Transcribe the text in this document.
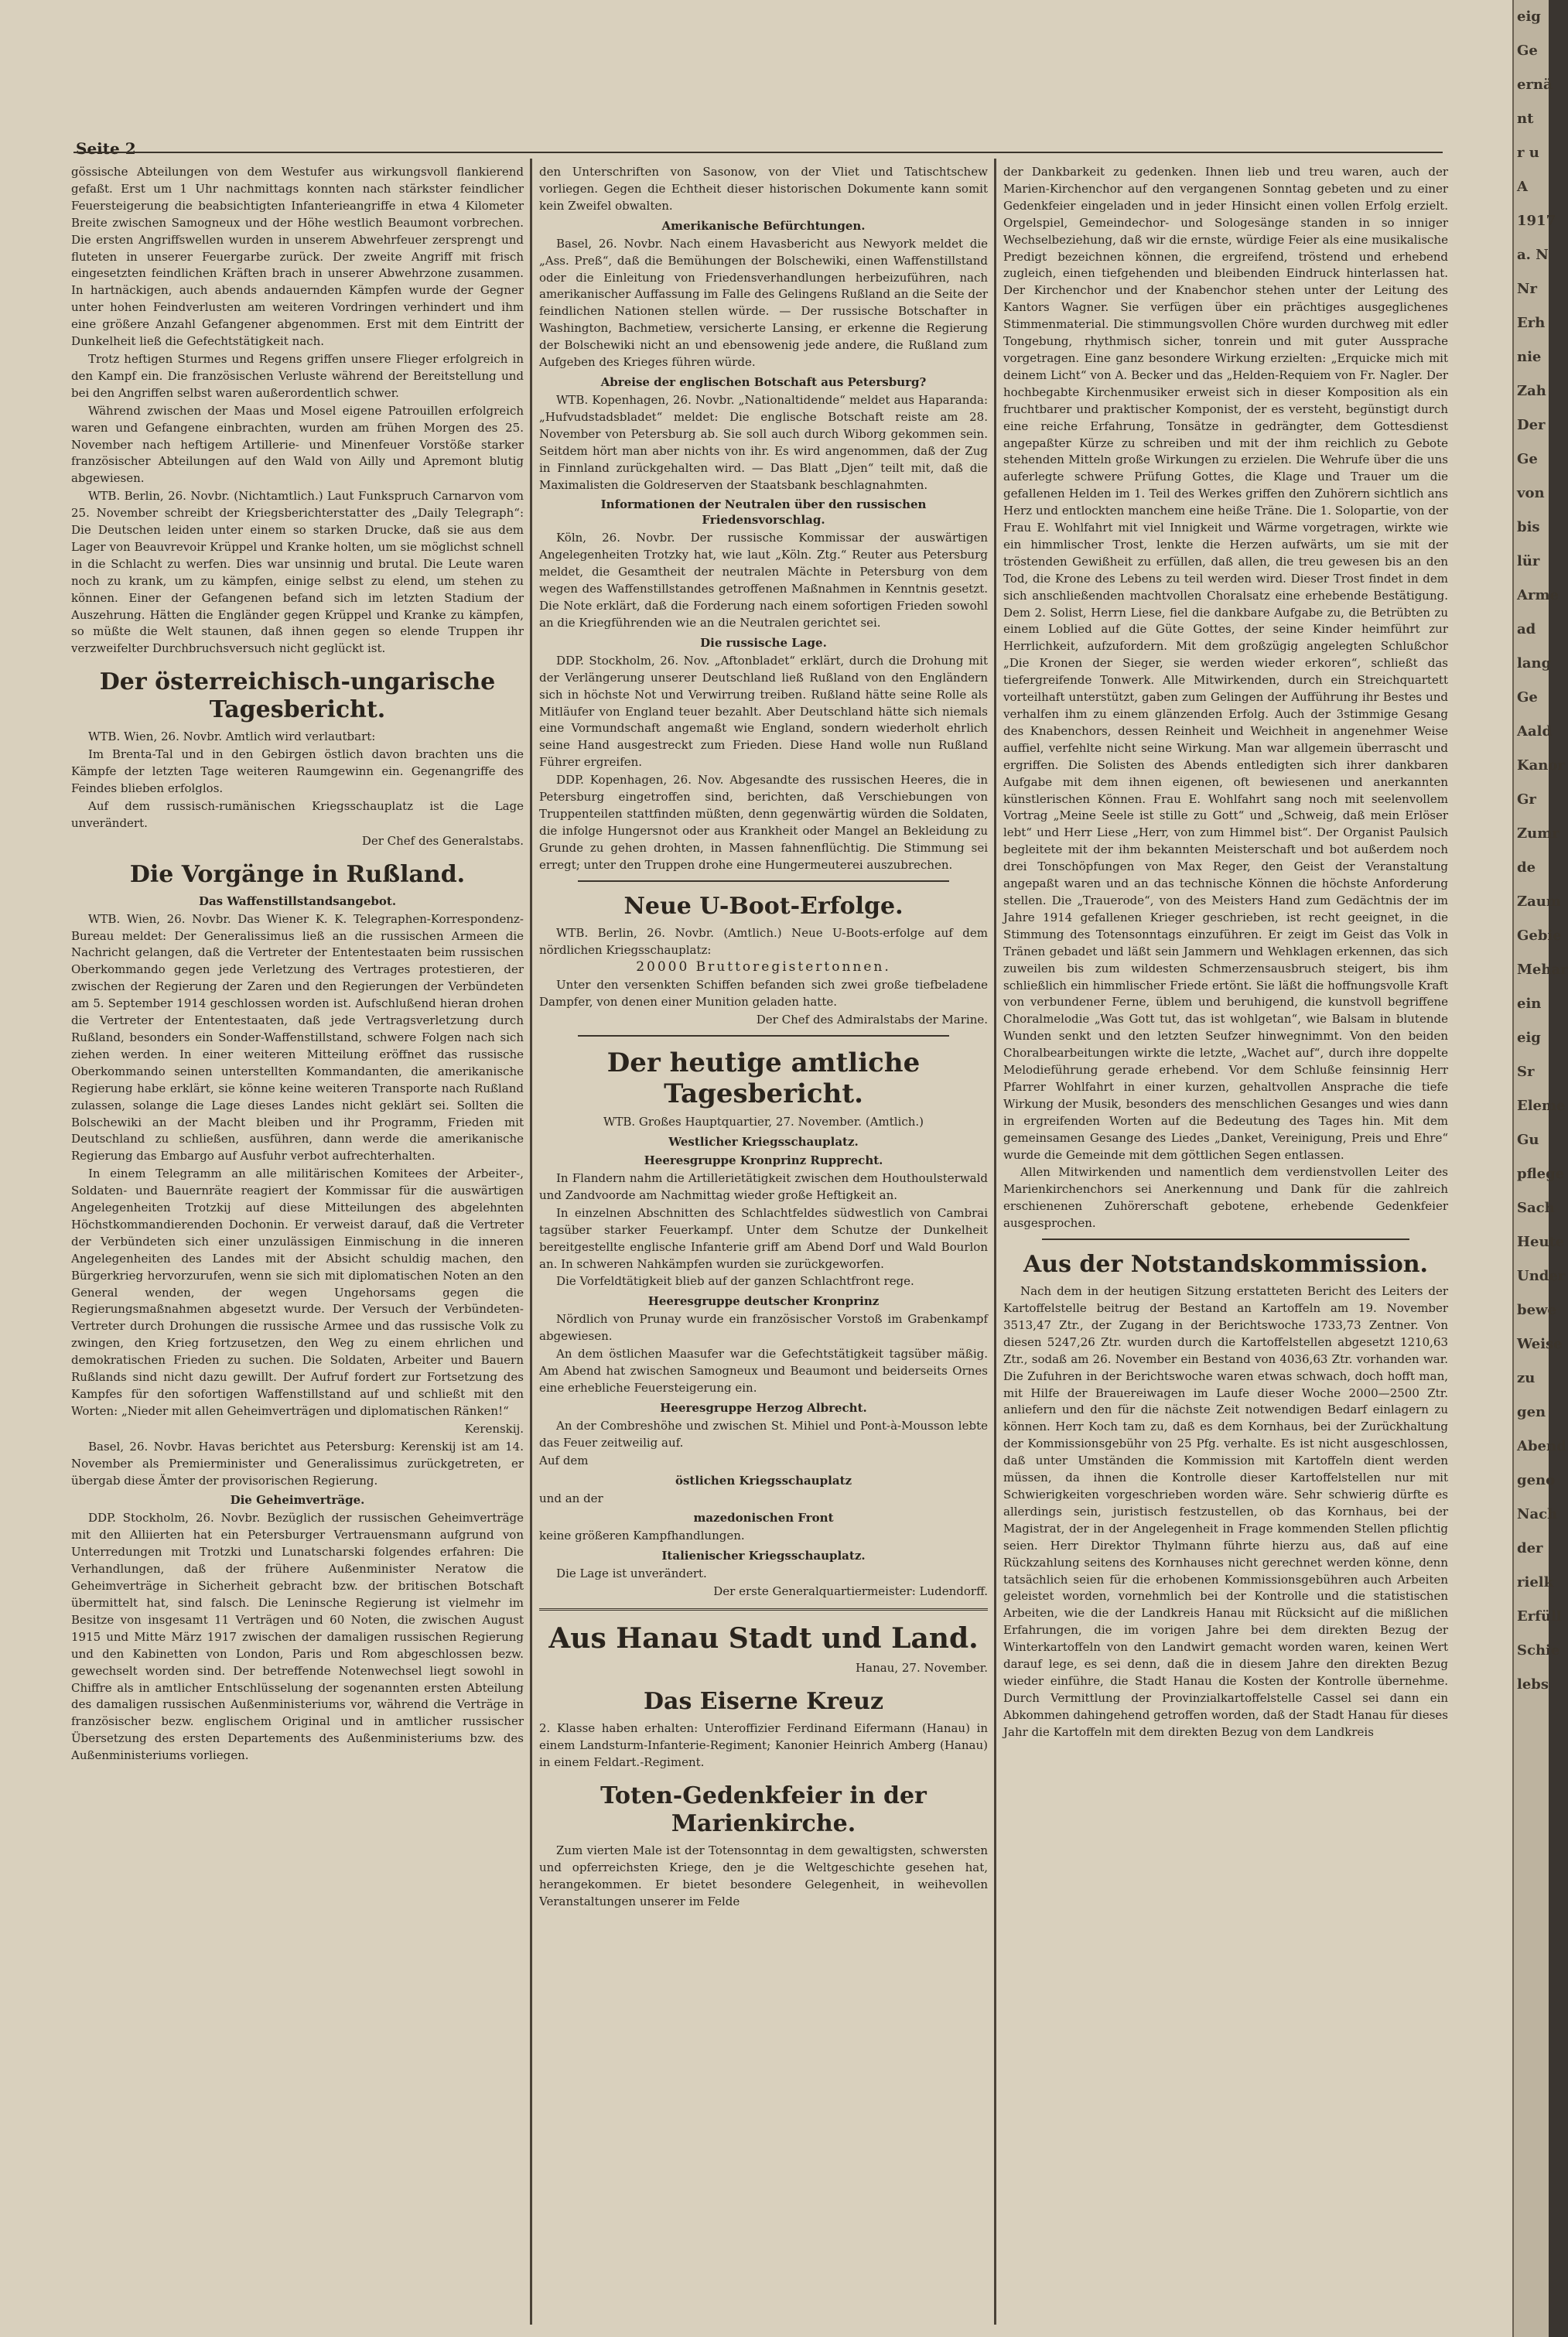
Seite 2

gössische Abteilungen von dem Westufer aus wirkungsvoll flankierend gefaßt. Erst um 1 Uhr nachmittags konnten nach stärkster feindlicher Feuersteigerung die beabsichtigten Infanterieangriffe in etwa 4 Kilometer Breite zwischen Samogneux und der Höhe westlich Beaumont vorbrechen. Die ersten Angriffswellen wurden in unserem Abwehrfeuer zersprengt und fluteten in unserer Feuergarbe zurück. Der zweite Angriff mit frisch eingesetzten feindlichen Kräften brach in unserer Abwehrzone zusammen. In hartnäckigen, auch abends andauernden Kämpfen wurde der Gegner unter hohen Feindverlusten am weiteren Vordringen verhindert und ihm eine größere Anzahl Gefangener abgenommen. Erst mit dem Eintritt der Dunkelheit ließ die Gefechtstätigkeit nach.

Trotz heftigen Sturmes und Regens griffen unsere Flieger erfolgreich in den Kampf ein. Die französischen Verluste während der Bereitstellung und bei den Angriffen selbst waren außerordentlich schwer.

Während zwischen der Maas und Mosel eigene Patrouillen erfolgreich waren und Gefangene einbrachten, wurden am frühen Morgen des 25. November nach heftigem Artillerie- und Minenfeuer Vorstöße starker französischer Abteilungen auf den Wald von Ailly und Apremont blutig abgewiesen.

WTB. Berlin, 26. Novbr. (Nichtamtlich.) Laut Funkspruch Carnarvon vom 25. November schreibt der Kriegsberichterstatter des „Daily Telegraph“: Die Deutschen leiden unter einem so starken Drucke, daß sie aus dem Lager von Beauvrevoir Krüppel und Kranke holten, um sie möglichst schnell in die Schlacht zu werfen. Dies war unsinnig und brutal. Die Leute waren noch zu krank, um zu kämpfen, einige selbst zu elend, um stehen zu können. Einer der Gefangenen befand sich im letzten Stadium der Auszehrung. Hätten die Engländer gegen Krüppel und Kranke zu kämpfen, so müßte die Welt staunen, daß ihnen gegen so elende Truppen ihr verzweifelter Durchbruchsversuch nicht geglückt ist.

Der österreichisch-ungarische Tagesbericht.

WTB. Wien, 26. Novbr. Amtlich wird verlautbart:

Im Brenta-Tal und in den Gebirgen östlich davon brachten uns die Kämpfe der letzten Tage weiteren Raumgewinn ein. Gegenangriffe des Feindes blieben erfolglos.

Auf dem russisch-rumänischen Kriegsschauplatz ist die Lage unverändert.

Der Chef des Generalstabs.

Die Vorgänge in Rußland.
Das Waffenstillstandsangebot.

WTB. Wien, 26. Novbr. Das Wiener K. K. Telegraphen-Korrespondenz-Bureau meldet: Der Generalissimus ließ an die russischen Armeen die Nachricht gelangen, daß die Vertreter der Ententestaaten beim russischen Oberkommando gegen jede Verletzung des Vertrages protestieren, der zwischen der Regierung der Zaren und den Regierungen der Verbündeten am 5. September 1914 geschlossen worden ist. Aufschlußend hieran drohen die Vertreter der Ententestaaten, daß jede Vertragsverletzung durch Rußland, besonders ein Sonder-Waffenstillstand, schwere Folgen nach sich ziehen werden. In einer weiteren Mitteilung eröffnet das russische Oberkommando seinen unterstellten Kommandanten, die amerikanische Regierung habe erklärt, sie könne keine weiteren Transporte nach Rußland zulassen, solange die Lage dieses Landes nicht geklärt sei. Sollten die Bolschewiki an der Macht bleiben und ihr Programm, Frieden mit Deutschland zu schließen, ausführen, dann werde die amerikanische Regierung das Embargo auf Ausfuhr verbot aufrechterhalten.

In einem Telegramm an alle militärischen Komitees der Arbeiter-, Soldaten- und Bauernräte reagiert der Kommissar für die auswärtigen Angelegenheiten Trotzkij auf diese Mitteilungen des abgelehnten Höchstkommandierenden Dochonin. Er verweist darauf, daß die Vertreter der Verbündeten sich einer unzulässigen Einmischung in die inneren Angelegenheiten des Landes mit der Absicht schuldig machen, den Bürgerkrieg hervorzurufen, wenn sie sich mit diplomatischen Noten an den General wenden, der wegen Ungehorsams gegen die Regierungsmaßnahmen abgesetzt wurde. Der Versuch der Verbündeten-Vertreter durch Drohungen die russische Armee und das russische Volk zu zwingen, den Krieg fortzusetzen, den Weg zu einem ehrlichen und demokratischen Frieden zu suchen. Die Soldaten, Arbeiter und Bauern Rußlands sind nicht dazu gewillt. Der Aufruf fordert zur Fortsetzung des Kampfes für den sofortigen Waffenstillstand auf und schließt mit den Worten: „Nieder mit allen Geheimverträgen und diplomatischen Ränken!“

Kerenskij.

Basel, 26. Novbr. Havas berichtet aus Petersburg: Kerenskij ist am 14. November als Premierminister und Generalissimus zurückgetreten, er übergab diese Ämter der provisorischen Regierung.

Die Geheimverträge.

DDP. Stockholm, 26. Novbr. Bezüglich der russischen Geheimverträge mit den Alliierten hat ein Petersburger Vertrauensmann aufgrund von Unterredungen mit Trotzki und Lunatscharski folgendes erfahren: Die Verhandlungen, daß der frühere Außenminister Neratow die Geheimverträge in Sicherheit gebracht bzw. der britischen Botschaft übermittelt hat, sind falsch. Die Leninsche Regierung ist vielmehr im Besitze von insgesamt 11 Verträgen und 60 Noten, die zwischen August 1915 und Mitte März 1917 zwischen der damaligen russischen Regierung und den Kabinetten von London, Paris und Rom abgeschlossen bezw. gewechselt worden sind. Der betreffende Notenwechsel liegt sowohl in Chiffre als in amtlicher Entschlüsselung der sogenannten ersten Abteilung des damaligen russischen Außenministeriums vor, während die Verträge in französischer bezw. englischem Original und in amtlicher russischer Übersetzung des ersten Departements des Außenministeriums bzw. des Außenministeriums vorliegen.

den Unterschriften von Sasonow, von der Vliet und Tatischtschew vorliegen. Gegen die Echtheit dieser historischen Dokumente kann somit kein Zweifel obwalten.

Amerikanische Befürchtungen.

Basel, 26. Novbr. Nach einem Havasbericht aus Newyork meldet die „Ass. Preß“, daß die Bemühungen der Bolschewiki, einen Waffenstillstand oder die Einleitung von Friedensverhandlungen herbeizuführen, nach amerikanischer Auffassung im Falle des Gelingens Rußland an die Seite der feindlichen Nationen stellen würde. — Der russische Botschafter in Washington, Bachmetiew, versicherte Lansing, er erkenne die Regierung der Bolschewiki nicht an und ebensowenig jede andere, die Rußland zum Aufgeben des Krieges führen würde.

Abreise der englischen Botschaft aus Petersburg?

WTB. Kopenhagen, 26. Novbr. „Nationaltidende“ meldet aus Haparanda: „Hufvudstadsbladet“ meldet: Die englische Botschaft reiste am 28. November von Petersburg ab. Sie soll auch durch Wiborg gekommen sein. Seitdem hört man aber nichts von ihr. Es wird angenommen, daß der Zug in Finnland zurückgehalten wird. — Das Blatt „Djen“ teilt mit, daß die Maximalisten die Goldreserven der Staatsbank beschlagnahmten.

Informationen der Neutralen über den russischen Friedensvorschlag.

Köln, 26. Novbr. Der russische Kommissar der auswärtigen Angelegenheiten Trotzky hat, wie laut „Köln. Ztg.“ Reuter aus Petersburg meldet, die Gesamtheit der neutralen Mächte in Petersburg von dem wegen des Waffenstillstandes getroffenen Maßnahmen in Kenntnis gesetzt. Die Note erklärt, daß die Forderung nach einem sofortigen Frieden sowohl an die Kriegführenden wie an die Neutralen gerichtet sei.

Die russische Lage.

DDP. Stockholm, 26. Nov. „Aftonbladet“ erklärt, durch die Drohung mit der Verlängerung unserer Deutschland ließ Rußland von den Engländern sich in höchste Not und Verwirrung treiben. Rußland hätte seine Rolle als Mitläufer von England teuer bezahlt. Aber Deutschland hätte sich niemals eine Vormundschaft angemaßt wie England, sondern wiederholt ehrlich seine Hand ausgestreckt zum Frieden. Diese Hand wolle nun Rußland Führer ergreifen.

DDP. Kopenhagen, 26. Nov. Abgesandte des russischen Heeres, die in Petersburg eingetroffen sind, berichten, daß Verschiebungen von Truppenteilen stattfinden müßten, denn gegenwärtig würden die Soldaten, die infolge Hungersnot oder aus Krankheit oder Mangel an Bekleidung zu Grunde zu gehen drohten, in Massen fahnenflüchtig. Die Stimmung sei erregt; unter den Truppen drohe eine Hungermeuterei auszubrechen.

Neue U-Boot-Erfolge.

WTB. Berlin, 26. Novbr. (Amtlich.) Neue U-Boots-erfolge auf dem nördlichen Kriegsschauplatz:

20000 Bruttoregistertonnen.

Unter den versenkten Schiffen befanden sich zwei große tiefbeladene Dampfer, von denen einer Munition geladen hatte.

Der Chef des Admiralstabs der Marine.

Der heutige amtliche Tagesbericht.

WTB. Großes Hauptquartier, 27. November. (Amtlich.)

Westlicher Kriegsschauplatz.
Heeresgruppe Kronprinz Rupprecht.

In Flandern nahm die Artillerietätigkeit zwischen dem Houthoulsterwald und Zandvoorde am Nachmittag wieder große Heftigkeit an.

In einzelnen Abschnitten des Schlachtfeldes südwestlich von Cambrai tagsüber starker Feuerkampf. Unter dem Schutze der Dunkelheit bereitgestellte englische Infanterie griff am Abend Dorf und Wald Bourlon an. In schweren Nahkämpfen wurden sie zurückgeworfen.

Die Vorfeldtätigkeit blieb auf der ganzen Schlachtfront rege.

Heeresgruppe deutscher Kronprinz

Nördlich von Prunay wurde ein französischer Vorstoß im Grabenkampf abgewiesen.

An dem östlichen Maasufer war die Gefechtstätigkeit tagsüber mäßig. Am Abend hat zwischen Samogneux und Beaumont und beiderseits Ornes eine erhebliche Feuersteigerung ein.

Heeresgruppe Herzog Albrecht.

An der Combreshöhe und zwischen St. Mihiel und Pont-à-Mousson lebte das Feuer zeitweilig auf.

Auf dem

östlichen Kriegsschauplatz

und an der

mazedonischen Front

keine größeren Kampfhandlungen.

Italienischer Kriegsschauplatz.

Die Lage ist unverändert.

Der erste Generalquartiermeister: Ludendorff.

Aus Hanau Stadt und Land.

Hanau, 27. November.

Das Eiserne Kreuz

2. Klasse haben erhalten: Unteroffizier Ferdinand Eifermann (Hanau) in einem Landsturm-Infanterie-Regiment; Kanonier Heinrich Amberg (Hanau) in einem Feldart.-Regiment.

Toten-Gedenkfeier in der Marienkirche.

Zum vierten Male ist der Totensonntag in dem gewaltigsten, schwersten und opferreichsten Kriege, den je die Weltgeschichte gesehen hat, herangekommen. Er bietet besondere Gelegenheit, in weihevollen Veranstaltungen unserer im Felde

der Dankbarkeit zu gedenken. Ihnen lieb und treu waren, auch der Marien-Kirchenchor auf den vergangenen Sonntag gebeten und zu einer Gedenkfeier eingeladen und in jeder Hinsicht einen vollen Erfolg erzielt. Orgelspiel, Gemeindechor- und Sologesänge standen in so inniger Wechselbeziehung, daß wir die ernste, würdige Feier als eine musikalische Predigt bezeichnen können, die ergreifend, tröstend und erhebend zugleich, einen tiefgehenden und bleibenden Eindruck hinterlassen hat. Der Kirchenchor und der Knabenchor stehen unter der Leitung des Kantors Wagner. Sie verfügen über ein prächtiges ausgeglichenes Stimmenmaterial. Die stimmungsvollen Chöre wurden durchweg mit edler Tongebung, rhythmisch sicher, tonrein und mit guter Aussprache vorgetragen. Eine ganz besondere Wirkung erzielten: „Erquicke mich mit deinem Licht“ von A. Becker und das „Helden-Requiem von Fr. Nagler. Der hochbegabte Kirchenmusiker erweist sich in dieser Komposition als ein fruchtbarer und praktischer Komponist, der es versteht, begünstigt durch eine reiche Erfahrung, Tonsätze in gedrängter, dem Gottesdienst angepaßter Kürze zu schreiben und mit der ihm reichlich zu Gebote stehenden Mitteln große Wirkungen zu erzielen. Die Wehrufe über die uns auferlegte schwere Prüfung Gottes, die Klage und Trauer um die gefallenen Helden im 1. Teil des Werkes griffen den Zuhörern sichtlich ans Herz und entlockten manchem eine heiße Träne. Die 1. Solopartie, von der Frau E. Wohlfahrt mit viel Innigkeit und Wärme vorgetragen, wirkte wie ein himmlischer Trost, lenkte die Herzen aufwärts, um sie mit der tröstenden Gewißheit zu erfüllen, daß allen, die treu gewesen bis an den Tod, die Krone des Lebens zu teil werden wird. Dieser Trost findet in dem sich anschließenden machtvollen Choralsatz eine erhebende Bestätigung. Dem 2. Solist, Herrn Liese, fiel die dankbare Aufgabe zu, die Betrübten zu einem Loblied auf die Güte Gottes, der seine Kinder heimführt zur Herrlichkeit, aufzufordern. Mit dem großzügig angelegten Schlußchor „Die Kronen der Sieger, sie werden wieder erkoren“, schließt das tiefergreifende Tonwerk. Alle Mitwirkenden, durch ein Streichquartett vorteilhaft unterstützt, gaben zum Gelingen der Aufführung ihr Bestes und verhalfen ihm zu einem glänzenden Erfolg. Auch der 3stimmige Gesang des Knabenchors, dessen Reinheit und Weichheit in angenehmer Weise auffiel, verfehlte nicht seine Wirkung. Man war allgemein überrascht und ergriffen. Die Solisten des Abends entledigten sich ihrer dankbaren Aufgabe mit dem ihnen eigenen, oft bewiesenen und anerkannten künstlerischen Können. Frau E. Wohlfahrt sang noch mit seelenvollem Vortrag „Meine Seele ist stille zu Gott“ und „Schweig, daß mein Erlöser lebt“ und Herr Liese „Herr, von zum Himmel bist“. Der Organist Paulsich begleitete mit der ihm bekannten Meisterschaft und bot außerdem noch drei Tonschöpfungen von Max Reger, den Geist der Veranstaltung angepaßt waren und an das technische Können die höchste Anforderung stellen. Die „Trauerode“, von des Meisters Hand zum Gedächtnis der im Jahre 1914 gefallenen Krieger geschrieben, ist recht geeignet, in die Stimmung des Totensonntags einzuführen. Er zeigt im Geist das Volk in Tränen gebadet und läßt sein Jammern und Wehklagen erkennen, das sich zuweilen bis zum wildesten Schmerzensausbruch steigert, bis ihm schließlich ein himmlischer Friede ertönt. Sie läßt die hoffnungsvolle Kraft von verbundener Ferne, üblem und beruhigend, die kunstvoll begriffene Choralmelodie „Was Gott tut, das ist wohlgetan“, wie Balsam in blutende Wunden senkt und den letzten Seufzer hinwegnimmt. Von den beiden Choralbearbeitungen wirkte die letzte, „Wachet auf“, durch ihre doppelte Melodieführung gerade erhebend. Vor dem Schluße feinsinnig Herr Pfarrer Wohlfahrt in einer kurzen, gehaltvollen Ansprache die tiefe Wirkung der Musik, besonders des menschlichen Gesanges und wies dann in ergreifenden Worten auf die Bedeutung des Tages hin. Mit dem gemeinsamen Gesange des Liedes „Danket, Vereinigung, Preis und Ehre“ wurde die Gemeinde mit dem göttlichen Segen entlassen.

Allen Mitwirkenden und namentlich dem verdienstvollen Leiter des Marienkirchenchors sei Anerkennung und Dank für die zahlreich erschienenen Zuhörerschaft gebotene, erhebende Gedenkfeier ausgesprochen.

Aus der Notstandskommission.

Nach dem in der heutigen Sitzung erstatteten Bericht des Leiters der Kartoffelstelle beitrug der Bestand an Kartoffeln am 19. November 3513,47 Ztr., der Zugang in der Berichtswoche 1733,73 Zentner. Von diesen 5247,26 Ztr. wurden durch die Kartoffelstellen abgesetzt 1210,63 Ztr., sodaß am 26. November ein Bestand von 4036,63 Ztr. vorhanden war. Die Zufuhren in der Berichtswoche waren etwas schwach, doch hofft man, mit Hilfe der Brauereiwagen im Laufe dieser Woche 2000—2500 Ztr. anliefern und den für die nächste Zeit notwendigen Bedarf einlagern zu können. Herr Koch tam zu, daß es dem Kornhaus, bei der Zurückhaltung der Kommissionsgebühr von 25 Pfg. verhalte. Es ist nicht ausgeschlossen, daß unter Umständen die Kommission mit Kartoffeln dient werden müssen, da ihnen die Kontrolle dieser Kartoffelstellen nur mit Schwierigkeiten vorgeschrieben worden wäre. Sehr schwierig dürfte es allerdings sein, juristisch festzustellen, ob das Kornhaus, bei der Magistrat, der in der Angelegenheit in Frage kommenden Stellen pflichtig seien. Herr Direktor Thylmann führte hierzu aus, daß auf eine Rückzahlung seitens des Kornhauses nicht gerechnet werden könne, denn tatsächlich seien für die erhobenen Kommissionsgebühren auch Arbeiten geleistet worden, vornehmlich bei der Kontrolle und die statistischen Arbeiten, wie die der Landkreis Hanau mit Rücksicht auf die mißlichen Erfahrungen, die im vorigen Jahre bei dem direkten Bezug der Winterkartoffeln von den Landwirt gemacht worden waren, keinen Wert darauf lege, es sei denn, daß die in diesem Jahre den direkten Bezug wieder einführe, die Stadt Hanau die Kosten der Kontrolle übernehme. Durch Vermittlung der Provinzialkartoffelstelle Cassel sei dann ein Abkommen dahingehend getroffen worden, daß der Stadt Hanau für dieses Jahr die Kartoffeln mit dem direkten Bezug von dem Landkreis

eig
Ge
ernä
nt
r u
A
1917
a. N
Nr
Erh
nie
Zah
Der
Ge
von
bis
lür
Arme
ad
lang
Ge
Aald
Kanor
Gr
Zumr
de
Zaum
Gebie
Mehar
ein
eig
Sr
Eleme
Gu
pflege
Sach
Heute
Under
bewe
Weise
zu
gen
Abend
geno
Nach
der
rielk
Erfüll
Schie
lebs
